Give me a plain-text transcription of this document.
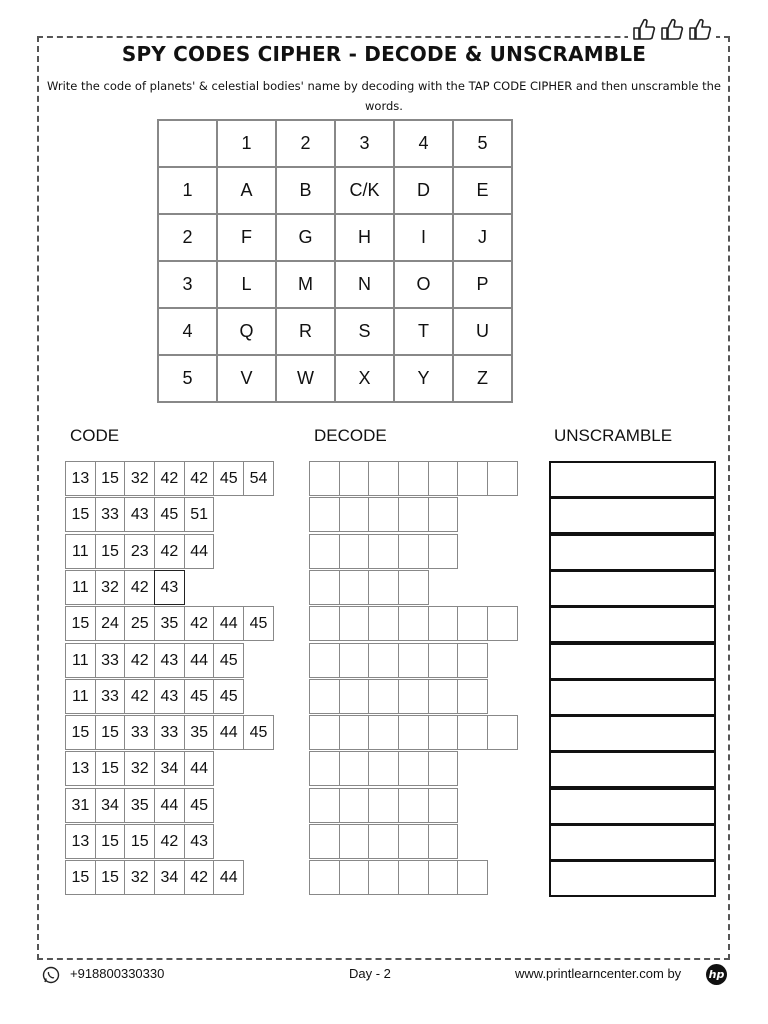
SPY CODES CIPHER - DECODE & UNSCRAMBLE
Write the code of planets' & celestial bodies' name by decoding with the TAP CODE CIPHER and then unscramble the words.
	1	2	3	4	5
1	A	B	C/K	D	E
2	F	G	H	I	J
3	L	M	N	O	P
4	Q	R	S	T	U
5	V	W	X	Y	Z
CODE	DECODE	UNSCRAMBLE
13 15 32 42 42 45 54
15 33 43 45 51
11 15 23 42 44
11 32 42 43
15 24 25 35 42 44 45
11 33 42 43 44 45
11 33 42 43 45 45
15 15 33 33 35 44 45
13 15 32 34 44
31 34 35 44 45
13 15 15 42 43
15 15 32 34 42 44
+918800330330	Day - 2	www.printlearncenter.com by hp
